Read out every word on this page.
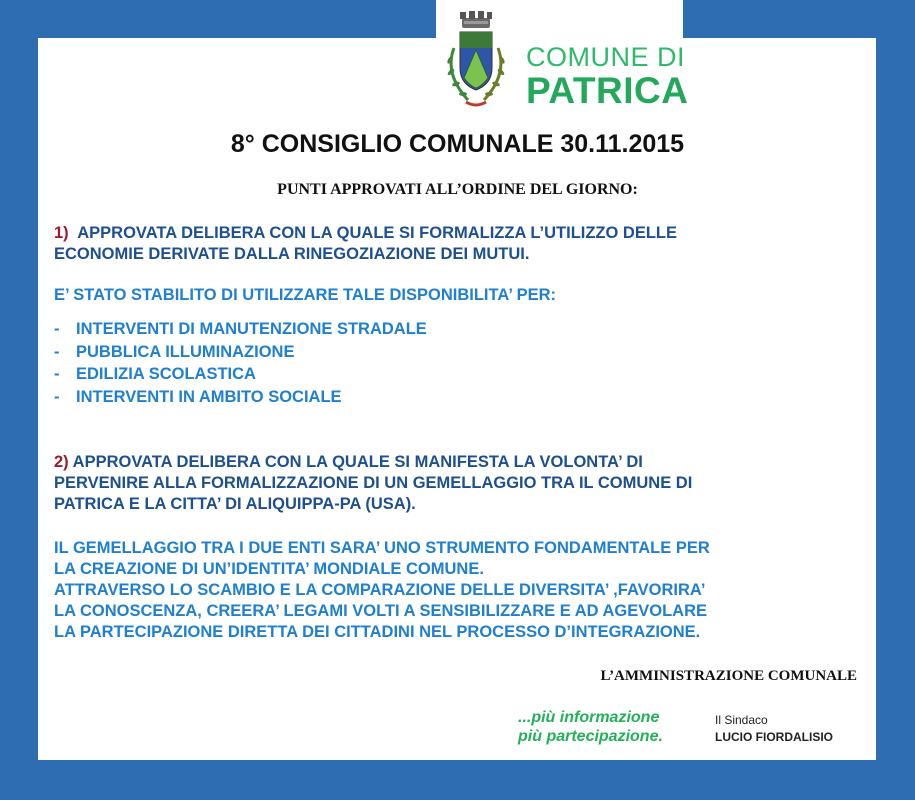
COMUNE DI
PATRICA
8° CONSIGLIO COMUNALE 30.11.2015
PUNTI APPROVATI ALL’ORDINE DEL GIORNO:
1) APPROVATA DELIBERA CON LA QUALE SI FORMALIZZA L’UTILIZZO DELLE
ECONOMIE DERIVATE DALLA RINEGOZIAZIONE DEI MUTUI.
E’ STATO STABILITO DI UTILIZZARE TALE DISPONIBILITA’ PER:
- INTERVENTI DI MANUTENZIONE STRADALE
- PUBBLICA ILLUMINAZIONE
- EDILIZIA SCOLASTICA
- INTERVENTI IN AMBITO SOCIALE
2) APPROVATA DELIBERA CON LA QUALE SI MANIFESTA LA VOLONTA’ DI
PERVENIRE ALLA FORMALIZZAZIONE DI UN GEMELLAGGIO TRA IL COMUNE DI
PATRICA E LA CITTA’ DI ALIQUIPPA-PA (USA).
IL GEMELLAGGIO TRA I DUE ENTI SARA’ UNO STRUMENTO FONDAMENTALE PER
LA CREAZIONE DI UN’IDENTITA’ MONDIALE COMUNE.
ATTRAVERSO LO SCAMBIO E LA COMPARAZIONE DELLE DIVERSITA’ ,FAVORIRA’
LA CONOSCENZA, CREERA’ LEGAMI VOLTI A SENSIBILIZZARE E AD AGEVOLARE
LA PARTECIPAZIONE DIRETTA DEI CITTADINI NEL PROCESSO D’INTEGRAZIONE.
L’AMMINISTRAZIONE COMUNALE
...più informazione
più partecipazione.
Il Sindaco
LUCIO FIORDALISIO
